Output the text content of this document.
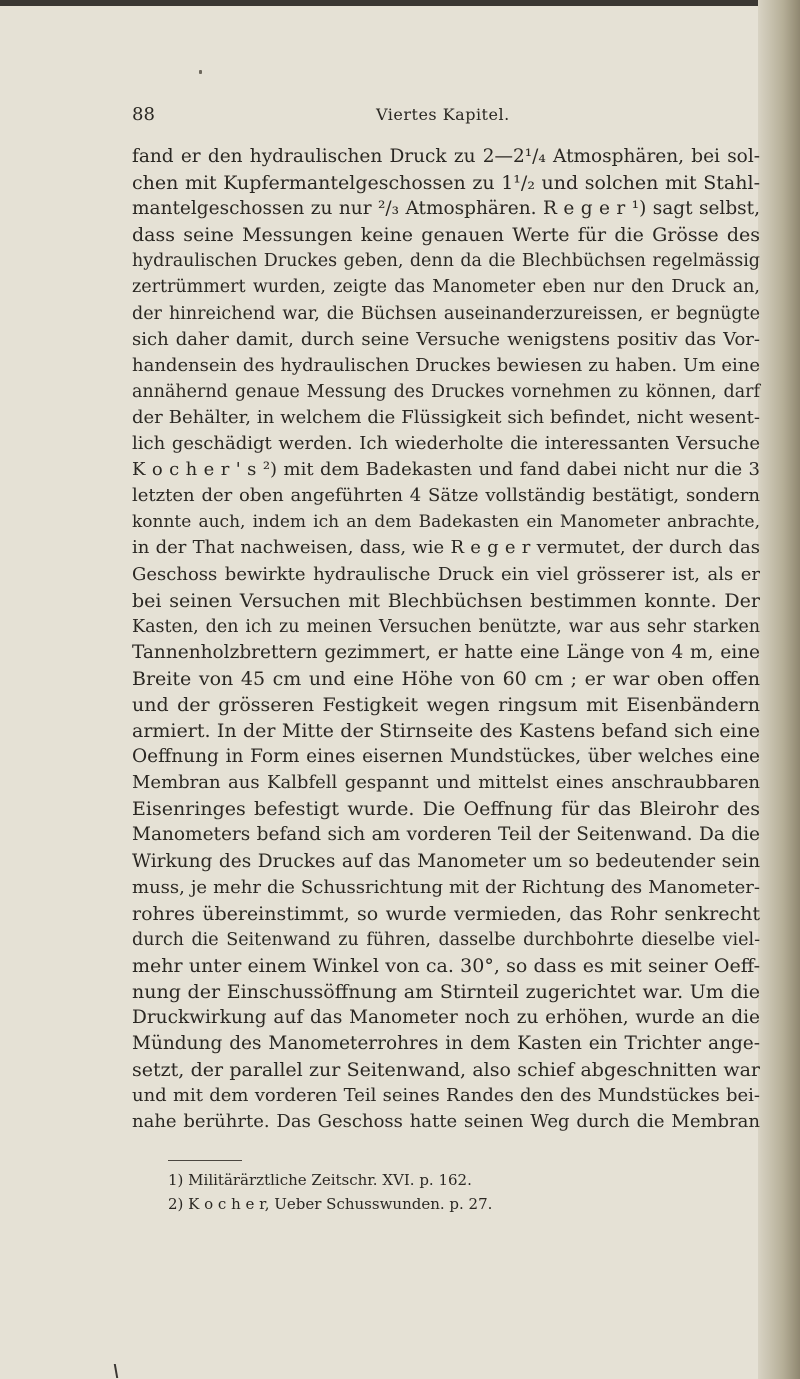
88	Viertes Kapitel.
fand er den hydraulischen Druck zu 2—2¹/₄ Atmosphären, bei sol-
chen mit Kupfermantelgeschossen zu 1¹/₂ und solchen mit Stahl-
mantelgeschossen zu nur ²/₃ Atmosphären. R e g e r ¹) sagt selbst,
dass seine Messungen keine genauen Werte für die Grösse des
hydraulischen Druckes geben, denn da die Blechbüchsen regelmässig
zertrümmert wurden, zeigte das Manometer eben nur den Druck an,
der hinreichend war, die Büchsen auseinanderzureissen, er begnügte
sich daher damit, durch seine Versuche wenigstens positiv das Vor-
handensein des hydraulischen Druckes bewiesen zu haben. Um eine
annähernd genaue Messung des Druckes vornehmen zu können, darf
der Behälter, in welchem die Flüssigkeit sich befindet, nicht wesent-
lich geschädigt werden. Ich wiederholte die interessanten Versuche
K o c h e r ' s ²) mit dem Badekasten und fand dabei nicht nur die 3
letzten der oben angeführten 4 Sätze vollständig bestätigt, sondern
konnte auch, indem ich an dem Badekasten ein Manometer anbrachte,
in der That nachweisen, dass, wie R e g e r vermutet, der durch das
Geschoss bewirkte hydraulische Druck ein viel grösserer ist, als er
bei seinen Versuchen mit Blechbüchsen bestimmen konnte. Der
Kasten, den ich zu meinen Versuchen benützte, war aus sehr starken
Tannenholzbrettern gezimmert, er hatte eine Länge von 4 m, eine
Breite von 45 cm und eine Höhe von 60 cm ; er war oben offen
und der grösseren Festigkeit wegen ringsum mit Eisenbändern
armiert. In der Mitte der Stirnseite des Kastens befand sich eine
Oeffnung in Form eines eisernen Mundstückes, über welches eine
Membran aus Kalbfell gespannt und mittelst eines anschraubbaren
Eisenringes befestigt wurde. Die Oeffnung für das Bleirohr des
Manometers befand sich am vorderen Teil der Seitenwand. Da die
Wirkung des Druckes auf das Manometer um so bedeutender sein
muss, je mehr die Schussrichtung mit der Richtung des Manometer-
rohres übereinstimmt, so wurde vermieden, das Rohr senkrecht
durch die Seitenwand zu führen, dasselbe durchbohrte dieselbe viel-
mehr unter einem Winkel von ca. 30°, so dass es mit seiner Oeff-
nung der Einschussöffnung am Stirnteil zugerichtet war. Um die
Druckwirkung auf das Manometer noch zu erhöhen, wurde an die
Mündung des Manometerrohres in dem Kasten ein Trichter ange-
setzt, der parallel zur Seitenwand, also schief abgeschnitten war
und mit dem vorderen Teil seines Randes den des Mundstückes bei-
nahe berührte. Das Geschoss hatte seinen Weg durch die Membran
1) Militärärztliche Zeitschr. XVI. p. 162.
2) K o c h e r, Ueber Schusswunden. p. 27.
